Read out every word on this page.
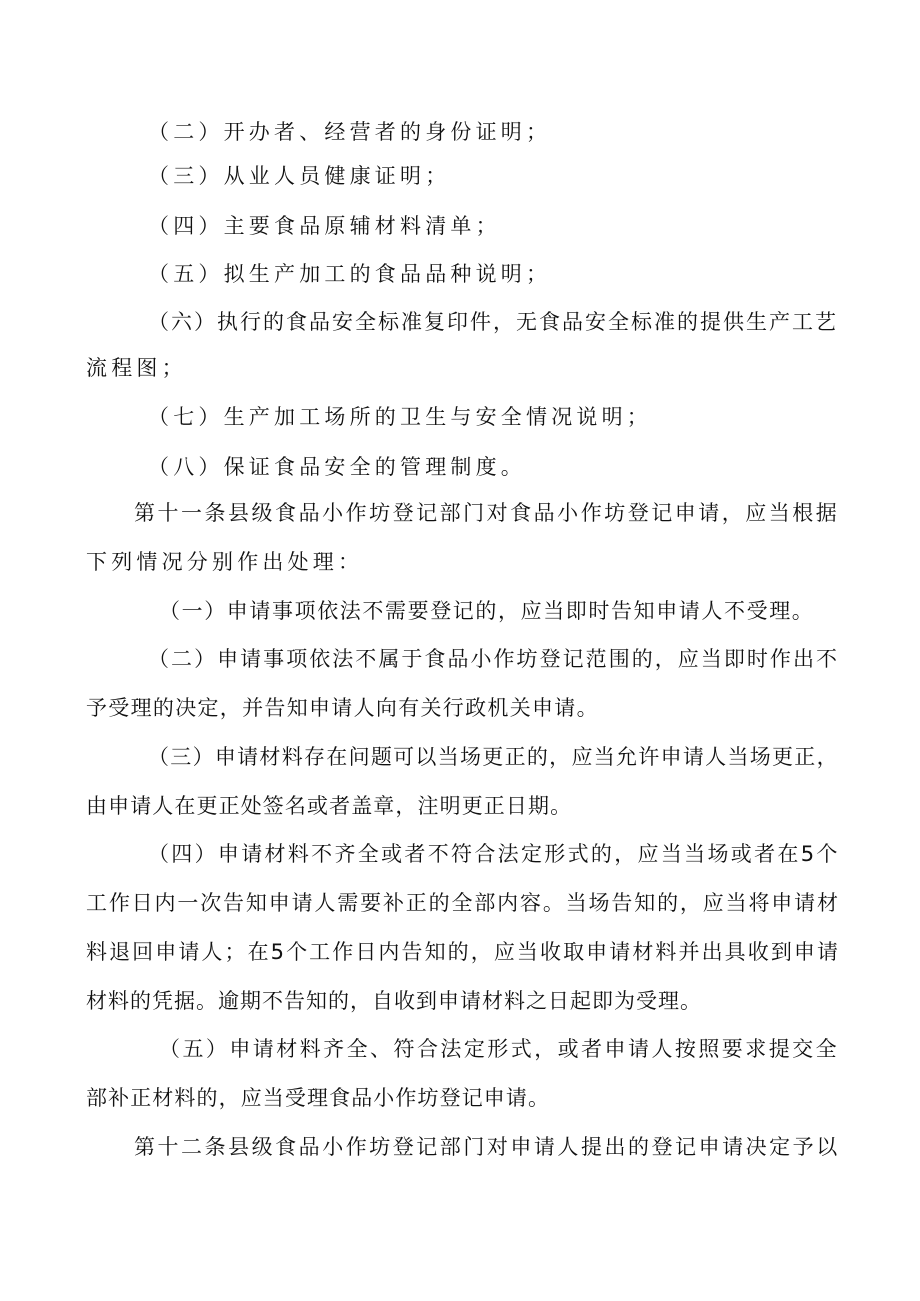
（二）开办者、经营者的身份证明；
（三）从业人员健康证明；
（四）主要食品原辅材料清单；
（五）拟生产加工的食品品种说明；
（六）执行的食品安全标准复印件，无食品安全标准的提供生产工艺
流程图；
（七）生产加工场所的卫生与安全情况说明；
（八）保证食品安全的管理制度。
第十一条县级食品小作坊登记部门对食品小作坊登记申请，应当根据
下列情况分别作出处理：
（一）申请事项依法不需要登记的，应当即时告知申请人不受理。
（二）申请事项依法不属于食品小作坊登记范围的，应当即时作出不
予受理的决定，并告知申请人向有关行政机关申请。
（三）申请材料存在问题可以当场更正的，应当允许申请人当场更正，
由申请人在更正处签名或者盖章，注明更正日期。
（四）申请材料不齐全或者不符合法定形式的，应当当场或者在5个
工作日内一次告知申请人需要补正的全部内容。当场告知的，应当将申请材
料退回申请人；在5个工作日内告知的，应当收取申请材料并出具收到申请
材料的凭据。逾期不告知的，自收到申请材料之日起即为受理。
（五）申请材料齐全、符合法定形式，或者申请人按照要求提交全
部补正材料的，应当受理食品小作坊登记申请。
第十二条县级食品小作坊登记部门对申请人提出的登记申请决定予以
